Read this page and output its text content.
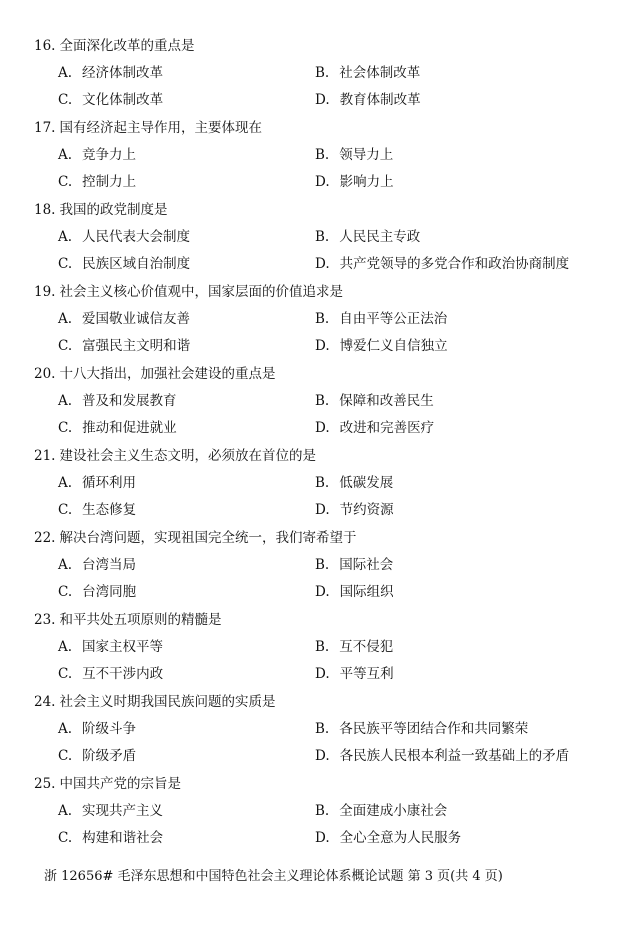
16. 全面深化改革的重点是
A. 经济体制改革	B. 社会体制改革
C. 文化体制改革	D. 教育体制改革
17. 国有经济起主导作用，主要体现在
A. 竞争力上	B. 领导力上
C. 控制力上	D. 影响力上
18. 我国的政党制度是
A. 人民代表大会制度	B. 人民民主专政
C. 民族区域自治制度	D. 共产党领导的多党合作和政治协商制度
19. 社会主义核心价值观中，国家层面的价值追求是
A. 爱国敬业诚信友善	B. 自由平等公正法治
C. 富强民主文明和谐	D. 博爱仁义自信独立
20. 十八大指出，加强社会建设的重点是
A. 普及和发展教育	B. 保障和改善民生
C. 推动和促进就业	D. 改进和完善医疗
21. 建设社会主义生态文明，必须放在首位的是
A. 循环利用	B. 低碳发展
C. 生态修复	D. 节约资源
22. 解决台湾问题，实现祖国完全统一，我们寄希望于
A. 台湾当局	B. 国际社会
C. 台湾同胞	D. 国际组织
23. 和平共处五项原则的精髓是
A. 国家主权平等	B. 互不侵犯
C. 互不干涉内政	D. 平等互利
24. 社会主义时期我国民族问题的实质是
A. 阶级斗争	B. 各民族平等团结合作和共同繁荣
C. 阶级矛盾	D. 各民族人民根本利益一致基础上的矛盾
25. 中国共产党的宗旨是
A. 实现共产主义	B. 全面建成小康社会
C. 构建和谐社会	D. 全心全意为人民服务
浙 12656# 毛泽东思想和中国特色社会主义理论体系概论试题 第 3 页(共 4 页)
